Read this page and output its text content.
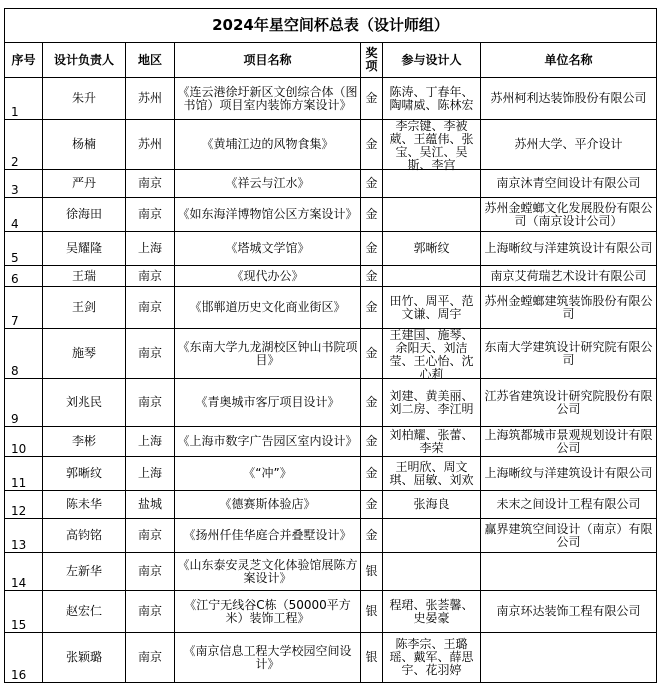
2024年星空间杯总表（设计师组）						
序号	设计负责人	地区	项目名称	奖项	参与设计人	单位名称

1	朱升	苏州	《连云港徐圩新区文创综合体（图书馆）项目室内装饰方案设计》	金	陈涛、丁春年、陶啸威、陈林宏	苏州柯利达装饰股份有限公司

2	杨楠	苏州	《黄埔江边的风物食集》	金	李宗键、李被葳、王蕴伟、张宝、吴江、吴斯、李宫	苏州大学、平介设计

3	严丹	南京	《祥云与江水》	金		南京沐青空间设计有限公司

4	徐海田	南京	《如东海洋博物馆公区方案设计》	金		苏州金螳螂文化发展股份有限公司（南京设计公司）

5	吴耀隆	上海	《塔城文学馆》	金	郭晰纹	上海晰纹与洋建筑设计有限公司

6	王瑞	南京	《现代办公》	金		南京艾荷瑞艺术设计有限公司

7	王剑	南京	《邯郸道历史文化商业街区》	金	田竹、周平、范文谦、周宇	苏州金螳螂建筑装饰股份有限公司

8	施琴	南京	《东南大学九龙湖校区钟山书院项目》	金	王建国、施琴、余阳天、刘洁莹、王心怡、沈心莉	东南大学建筑设计研究院有限公司

9	刘兆民	南京	《青奥城市客厅项目设计》	金	刘建、黄美丽、刘二房、李江明	江苏省建筑设计研究院股份有限公司

10	李彬	上海	《上海市数字广告园区室内设计》	金	刘柏耀、张蕾、李荣	上海筑都城市景观规划设计有限公司

11	郭晰纹	上海	《“冲”》	金	王明欣、周文琪、屈敏、刘欢	上海晰纹与洋建筑设计有限公司

12	陈未华	盐城	《德赛斯体验店》	金	张海良	未末之间设计工程有限公司

13	高钧铭	南京	《扬州仟佳华庭合并叠墅设计》	金		赢界建筑空间设计（南京）有限公司

14	左新华	南京	《山东泰安灵芝文化体验馆展陈方案设计》	银		

15	赵宏仁	南京	《江宁无线谷C栋（50000平方米）装饰工程》	银	程珺、张荟馨、史晏豪	南京环达装饰工程有限公司

16	张颖璐	南京	《南京信息工程大学校园空间设计》	银	陈李宗、王璐瑶、戴军、薛思宇、花羽婷	
